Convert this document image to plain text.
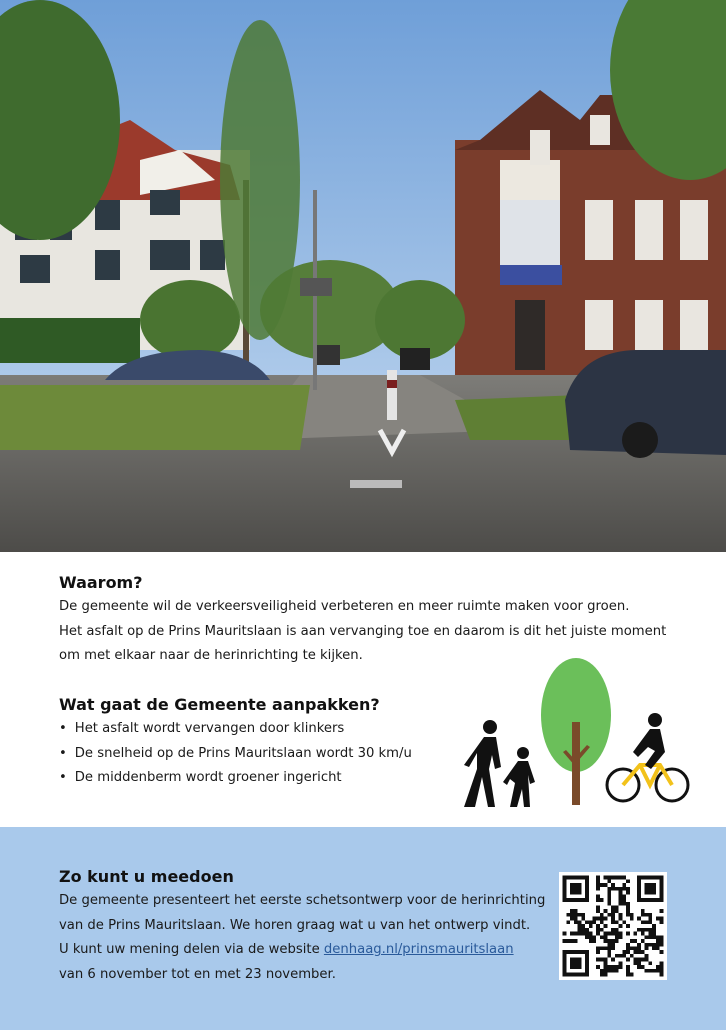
Waarom?
De gemeente wil de verkeersveiligheid verbeteren en meer ruimte maken voor groen.
Het asfalt op de Prins Mauritslaan is aan vervanging toe en daarom is dit het juiste moment
om met elkaar naar de herinrichting te kijken.
Wat gaat de Gemeente aanpakken?
• Het asfalt wordt vervangen door klinkers
• De snelheid op de Prins Mauritslaan wordt 30 km/u
• De middenberm wordt groener ingericht
Zo kunt u meedoen
De gemeente presenteert het eerste schetsontwerp voor de herinrichting
van de Prins Mauritslaan. We horen graag wat u van het ontwerp vindt.
U kunt uw mening delen via de website denhaag.nl/prinsmauritslaan
van 6 november tot en met 23 november.
